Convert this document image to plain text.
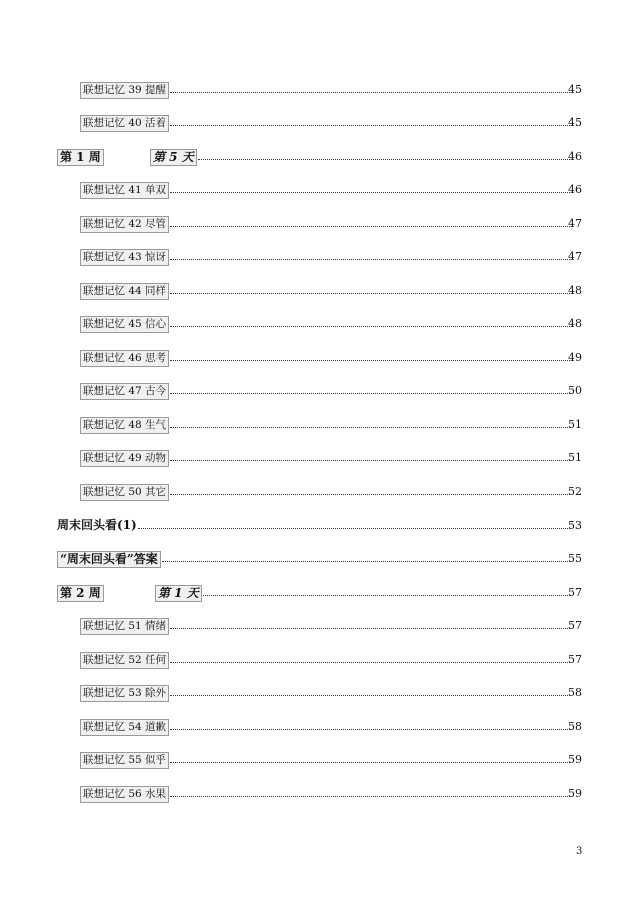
联想记忆 39 提醒	45
联想记忆 40 活着	45
第 1 周	第 5 天	46
联想记忆 41 单双	46
联想记忆 42 尽管	47
联想记忆 43 惊讶	47
联想记忆 44 同样	48
联想记忆 45 信心	48
联想记忆 46 思考	49
联想记忆 47 古今	50
联想记忆 48 生气	51
联想记忆 49 动物	51
联想记忆 50 其它	52
周末回头看(1)	53
“周末回头看”答案	55
第 2 周	第 1 天	57
联想记忆 51 情绪	57
联想记忆 52 任何	57
联想记忆 53 除外	58
联想记忆 54 道歉	58
联想记忆 55 似乎	59
联想记忆 56 水果	59
3
